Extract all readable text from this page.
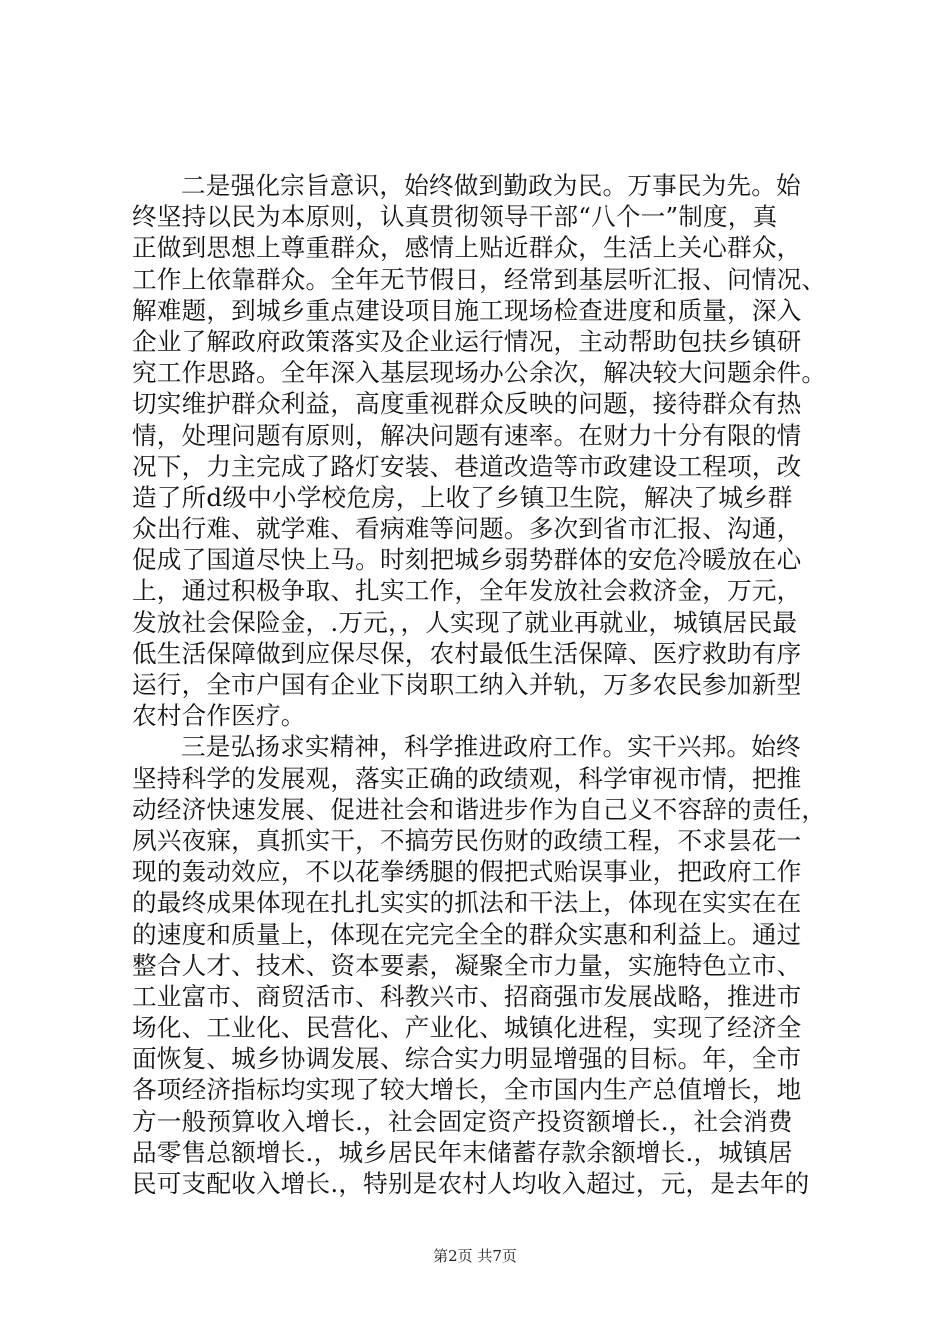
二是强化宗旨意识，始终做到勤政为民。万事民为先。始
终坚持以民为本原则，认真贯彻领导干部“八个一”制度，真
正做到思想上尊重群众，感情上贴近群众，生活上关心群众，
工作上依靠群众。全年无节假日，经常到基层听汇报、问情况、
解难题，到城乡重点建设项目施工现场检查进度和质量，深入
企业了解政府政策落实及企业运行情况，主动帮助包扶乡镇研
究工作思路。全年深入基层现场办公余次，解决较大问题余件。
切实维护群众利益，高度重视群众反映的问题，接待群众有热
情，处理问题有原则，解决问题有速率。在财力十分有限的情
况下，力主完成了路灯安装、巷道改造等市政建设工程项，改
造了所d级中小学校危房，上收了乡镇卫生院，解决了城乡群
众出行难、就学难、看病难等问题。多次到省市汇报、沟通，
促成了国道尽快上马。时刻把城乡弱势群体的安危冷暖放在心
上，通过积极争取、扎实工作，全年发放社会救济金，万元，
发放社会保险金，.万元，，人实现了就业再就业，城镇居民最
低生活保障做到应保尽保，农村最低生活保障、医疗救助有序
运行，全市户国有企业下岗职工纳入并轨，万多农民参加新型
农村合作医疗。
三是弘扬求实精神，科学推进政府工作。实干兴邦。始终
坚持科学的发展观，落实正确的政绩观，科学审视市情，把推
动经济快速发展、促进社会和谐进步作为自己义不容辞的责任，
夙兴夜寐，真抓实干，不搞劳民伤财的政绩工程，不求昙花一
现的轰动效应，不以花拳绣腿的假把式贻误事业，把政府工作
的最终成果体现在扎扎实实的抓法和干法上，体现在实实在在
的速度和质量上，体现在完完全全的群众实惠和利益上。通过
整合人才、技术、资本要素，凝聚全市力量，实施特色立市、
工业富市、商贸活市、科教兴市、招商强市发展战略，推进市
场化、工业化、民营化、产业化、城镇化进程，实现了经济全
面恢复、城乡协调发展、综合实力明显增强的目标。年，全市
各项经济指标均实现了较大增长，全市国内生产总值增长，地
方一般预算收入增长.，社会固定资产投资额增长.，社会消费
品零售总额增长.，城乡居民年末储蓄存款余额增长.，城镇居
民可支配收入增长.，特别是农村人均收入超过，元，是去年的
第2页 共7页
